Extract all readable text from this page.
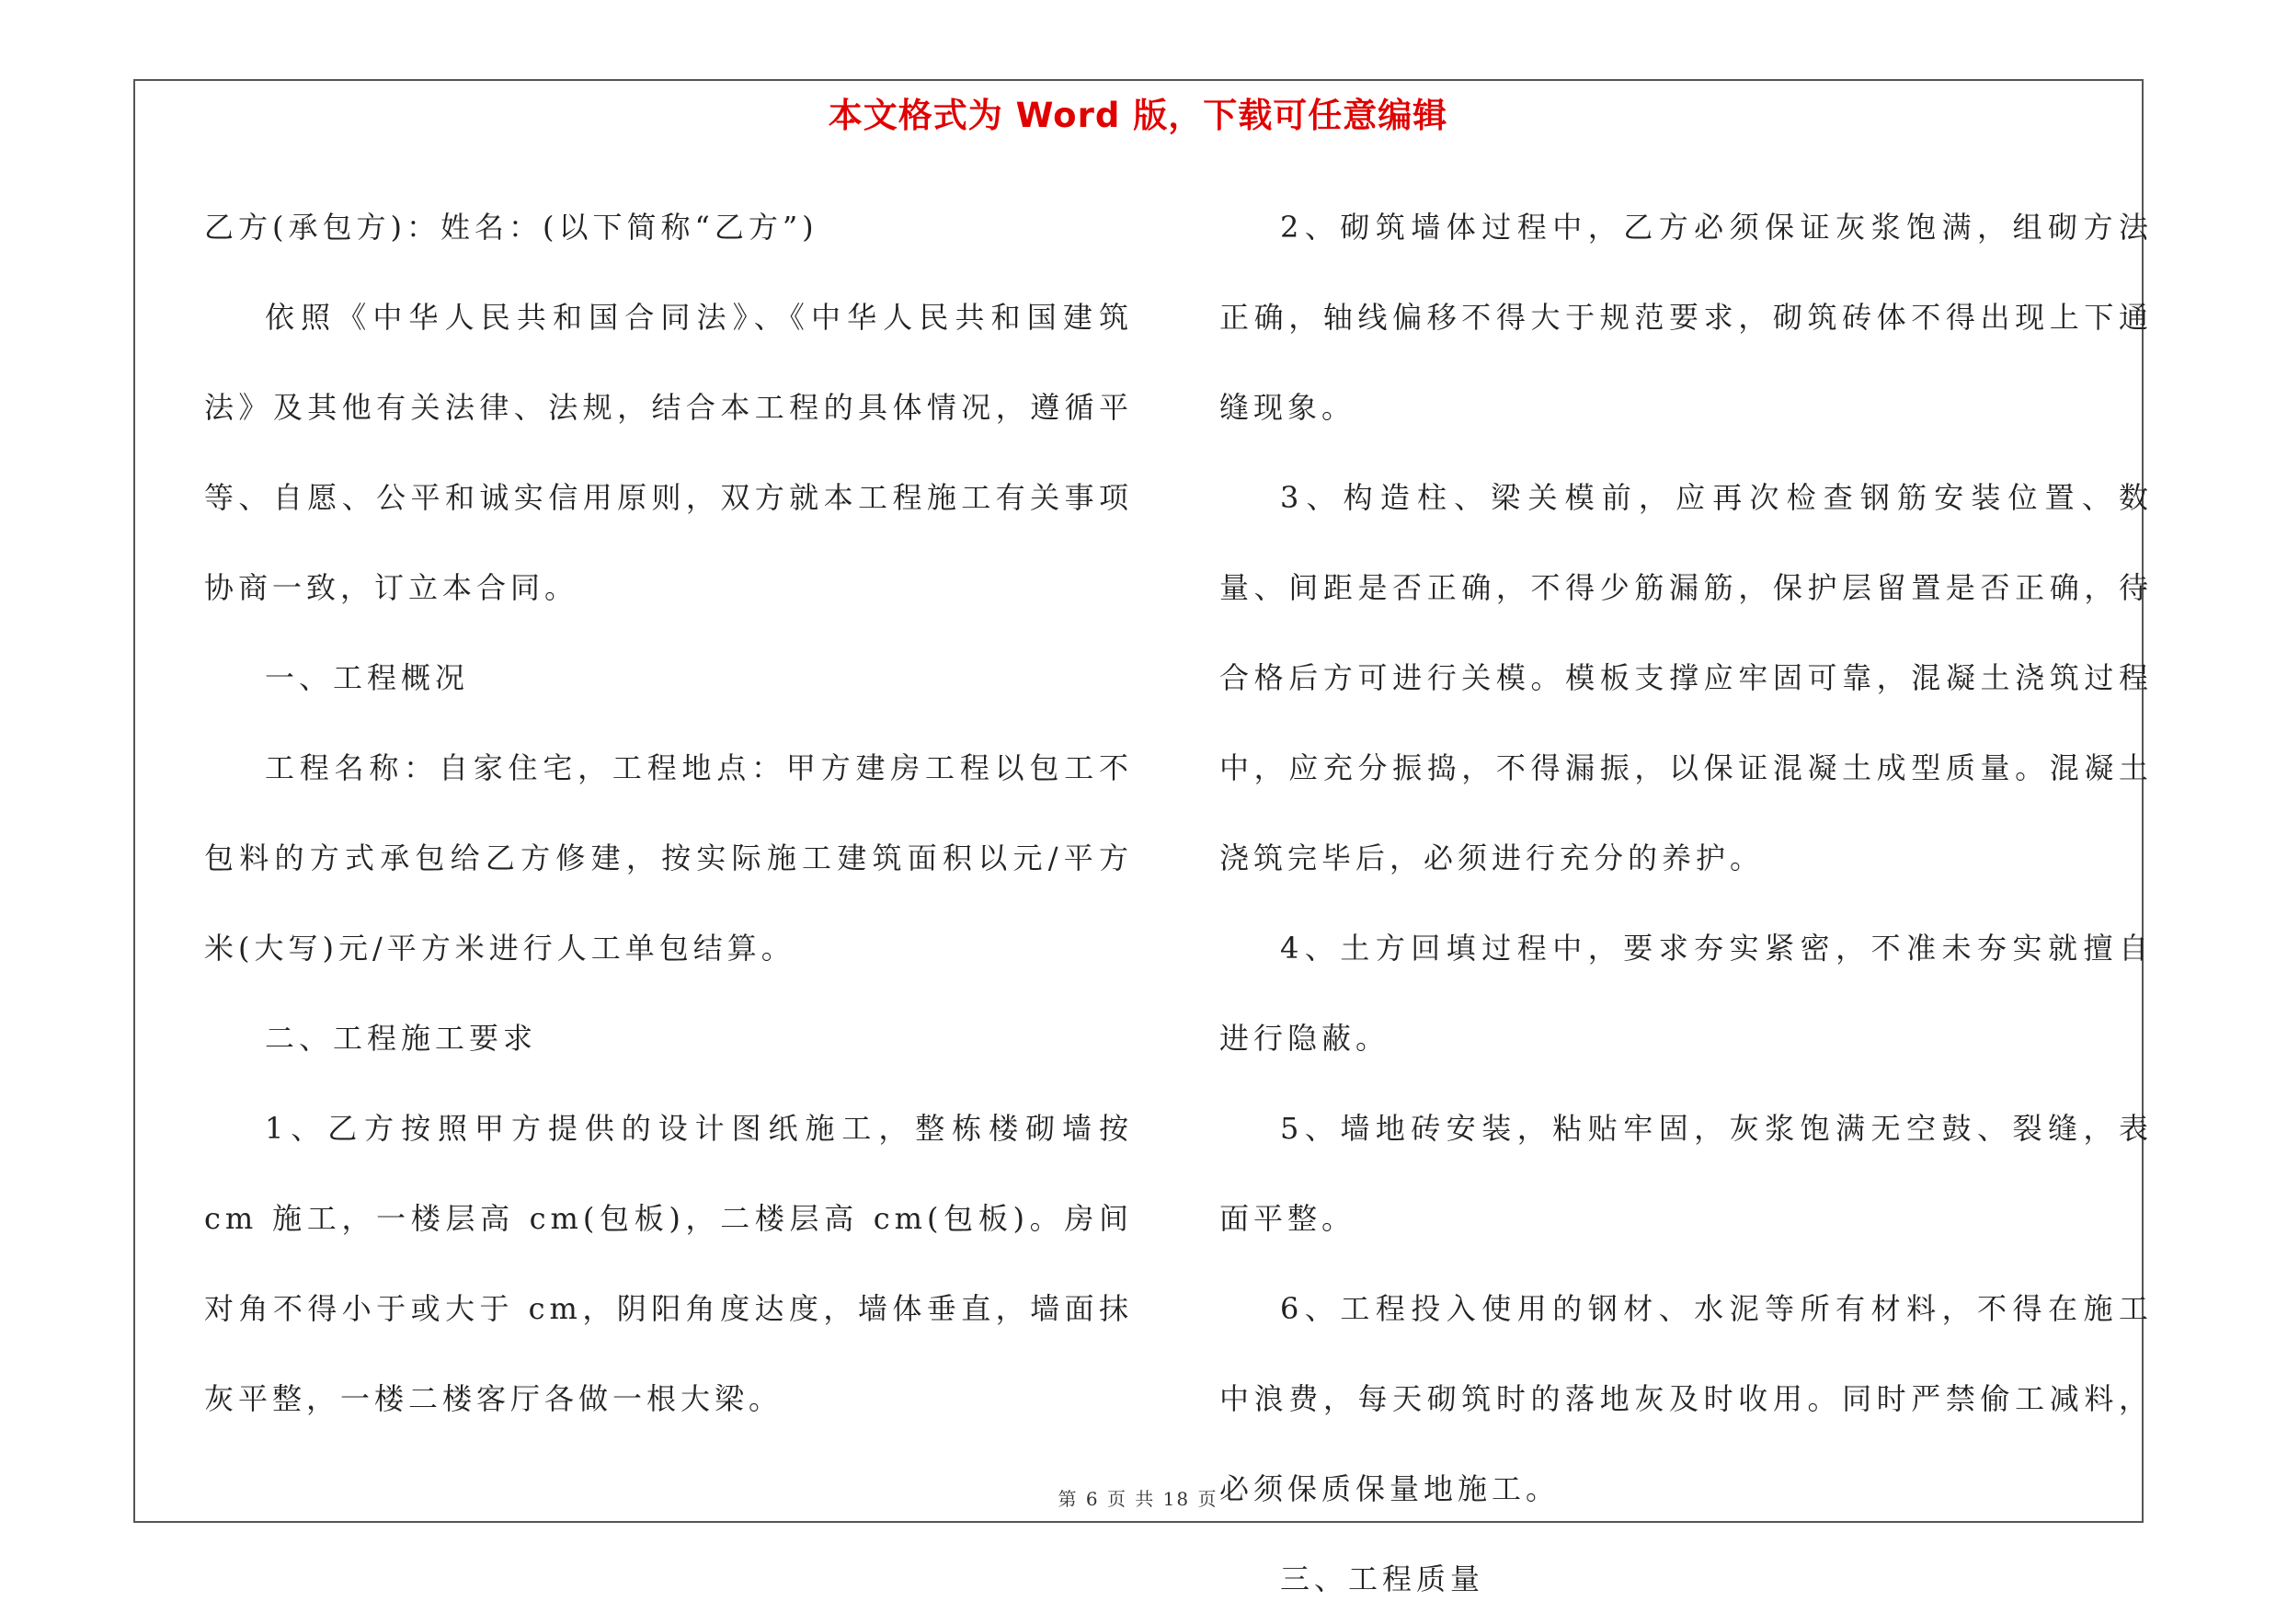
本文格式为 Word 版，下载可任意编辑

乙方(承包方)：姓名：(以下简称“乙方”)

依照《中华人民共和国合同法》、《中华人民共和国建筑法》及其他有关法律、法规，结合本工程的具体情况，遵循平等、自愿、公平和诚实信用原则，双方就本工程施工有关事项协商一致，订立本合同。

一、工程概况

工程名称：自家住宅，工程地点：甲方建房工程以包工不包料的方式承包给乙方修建，按实际施工建筑面积以元/平方米(大写)元/平方米进行人工单包结算。

二、工程施工要求

1、乙方按照甲方提供的设计图纸施工，整栋楼砌墙按 cm 施工，一楼层高 cm(包板)，二楼层高 cm(包板)。房间对角不得小于或大于 cm，阴阳角度达度，墙体垂直，墙面抹灰平整，一楼二楼客厅各做一根大梁。

2、砌筑墙体过程中，乙方必须保证灰浆饱满，组砌方法正确，轴线偏移不得大于规范要求，砌筑砖体不得出现上下通缝现象。

3、构造柱、梁关模前，应再次检查钢筋安装位置、数量、间距是否正确，不得少筋漏筋，保护层留置是否正确，待合格后方可进行关模。模板支撑应牢固可靠，混凝土浇筑过程中，应充分振捣，不得漏振，以保证混凝土成型质量。混凝土浇筑完毕后，必须进行充分的养护。

4、土方回填过程中，要求夯实紧密，不准未夯实就擅自进行隐蔽。

5、墙地砖安装，粘贴牢固，灰浆饱满无空鼓、裂缝，表面平整。

6、工程投入使用的钢材、水泥等所有材料，不得在施工中浪费，每天砌筑时的落地灰及时收用。同时严禁偷工减料，必须保质保量地施工。

三、工程质量

第 6 页 共 18 页
